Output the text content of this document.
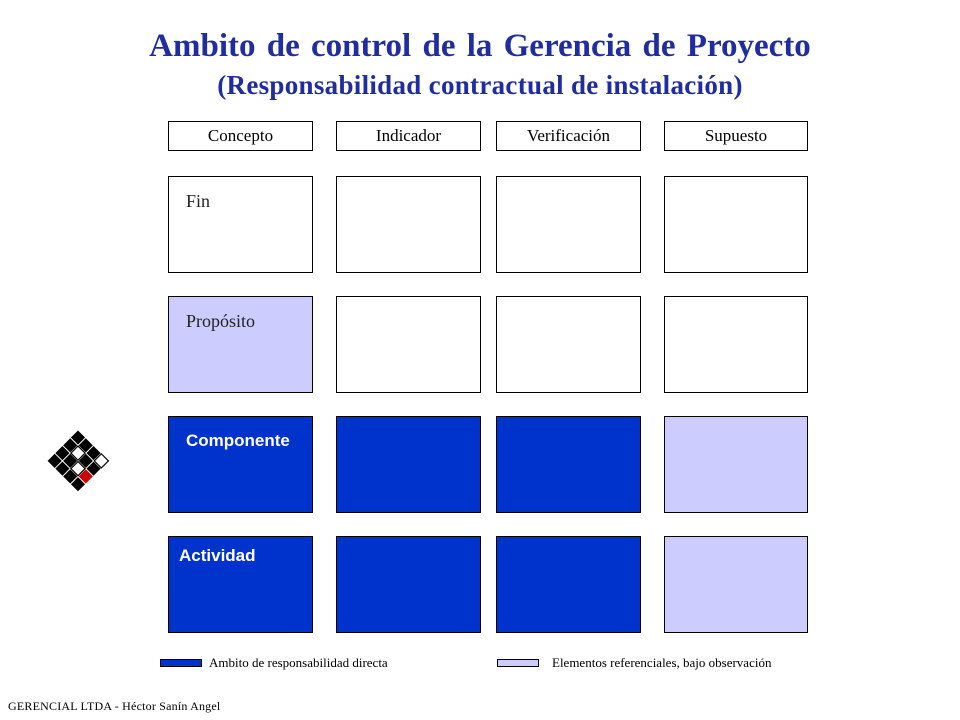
Ambito de control de la Gerencia de Proyecto
(Responsabilidad contractual de instalación)
Concepto	Indicador	Verificación	Supuesto
Fin
Propósito
Componente
Actividad
Ambito de responsabilidad directa	Elementos referenciales, bajo observación
GERENCIAL LTDA - Héctor Sanín Angel
